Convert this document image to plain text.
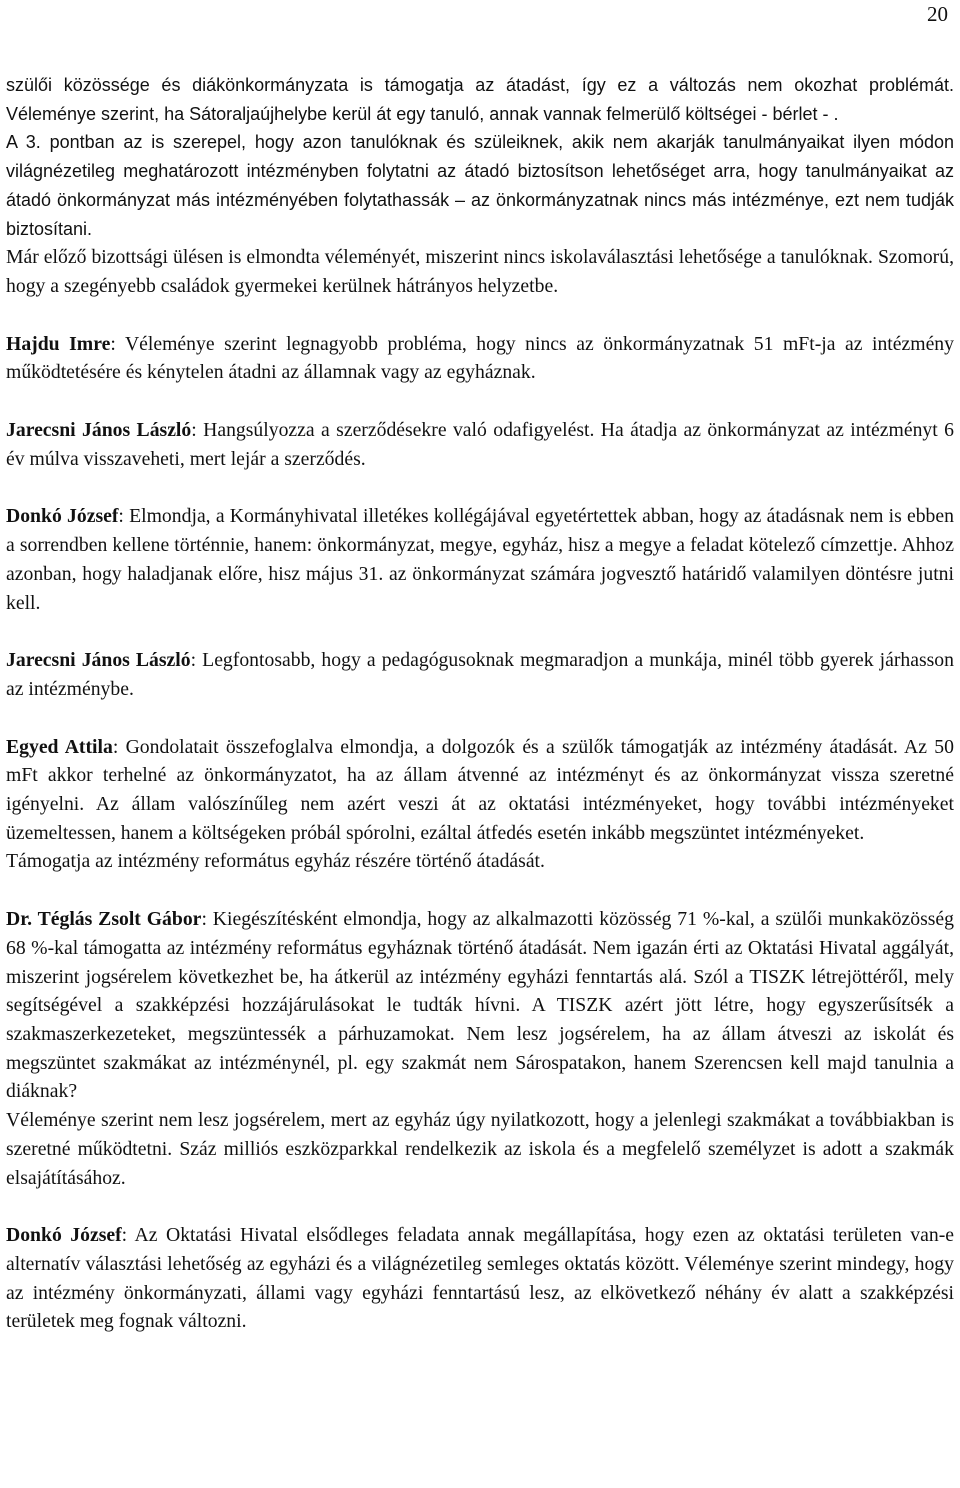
20

szülői közössége és diákönkormányzata is támogatja az átadást, így ez a változás nem okozhat problémát. Véleménye szerint, ha Sátoraljaújhelybe kerül át egy tanuló, annak vannak felmerülő költségei - bérlet - .

A 3. pontban az is szerepel, hogy azon tanulóknak és szüleiknek, akik nem akarják tanulmányaikat ilyen módon világnézetileg meghatározott intézményben folytatni az átadó biztosítson lehetőséget arra, hogy tanulmányaikat az átadó önkormányzat más intézményében folytathassák – az önkormányzatnak nincs más intézménye, ezt nem tudják biztosítani.

Már előző bizottsági ülésen is elmondta véleményét, miszerint nincs iskolaválasztási lehetősége a tanulóknak. Szomorú, hogy a szegényebb családok gyermekei kerülnek hátrányos helyzetbe.

Hajdu Imre: Véleménye szerint legnagyobb probléma, hogy nincs az önkormányzatnak 51 mFt-ja az intézmény működtetésére és kénytelen átadni az államnak vagy az egyháznak.

Jarecsni János László: Hangsúlyozza a szerződésekre való odafigyelést. Ha átadja az önkormányzat az intézményt 6 év múlva visszaveheti, mert lejár a szerződés.

Donkó József: Elmondja, a Kormányhivatal illetékes kollégájával egyetértettek abban, hogy az átadásnak nem is ebben a sorrendben kellene történnie, hanem: önkormányzat, megye, egyház, hisz a megye a feladat kötelező címzettje. Ahhoz azonban, hogy haladjanak előre, hisz május 31. az önkormányzat számára jogvesztő határidő valamilyen döntésre jutni kell.

Jarecsni János László: Legfontosabb, hogy a pedagógusoknak megmaradjon a munkája, minél több gyerek járhasson az intézménybe.

Egyed Attila: Gondolatait összefoglalva elmondja, a dolgozók és a szülők támogatják az intézmény átadását. Az 50 mFt akkor terhelné az önkormányzatot, ha az állam átvenné az intézményt és az önkormányzat vissza szeretné igényelni. Az állam valószínűleg nem azért veszi át az oktatási intézményeket, hogy további intézményeket üzemeltessen, hanem a költségeken próbál spórolni, ezáltal átfedés esetén inkább megszüntet intézményeket.

Támogatja az intézmény református egyház részére történő átadását.

Dr. Téglás Zsolt Gábor: Kiegészítésként elmondja, hogy az alkalmazotti közösség 71 %-kal, a szülői munkaközösség 68 %-kal támogatta az intézmény református egyháznak történő átadását. Nem igazán érti az Oktatási Hivatal aggályát, miszerint jogsérelem következhet be, ha átkerül az intézmény egyházi fenntartás alá. Szól a TISZK létrejöttéről, mely segítségével a szakképzési hozzájárulásokat le tudták hívni. A TISZK azért jött létre, hogy egyszerűsítsék a szakmaszerkezeteket, megszüntessék a párhuzamokat. Nem lesz jogsérelem, ha az állam átveszi az iskolát és megszüntet szakmákat az intézménynél, pl. egy szakmát nem Sárospatakon, hanem Szerencsen kell majd tanulnia a diáknak?

Véleménye szerint nem lesz jogsérelem, mert az egyház úgy nyilatkozott, hogy a jelenlegi szakmákat a továbbiakban is szeretné működtetni. Száz milliós eszközparkkal rendelkezik az iskola és a megfelelő személyzet is adott a szakmák elsajátításához.

Donkó József: Az Oktatási Hivatal elsődleges feladata annak megállapítása, hogy ezen az oktatási területen van-e alternatív választási lehetőség az egyházi és a világnézetileg semleges oktatás között. Véleménye szerint mindegy, hogy az intézmény önkormányzati, állami vagy egyházi fenntartású lesz, az elkövetkező néhány év alatt a szakképzési területek meg fognak változni.
